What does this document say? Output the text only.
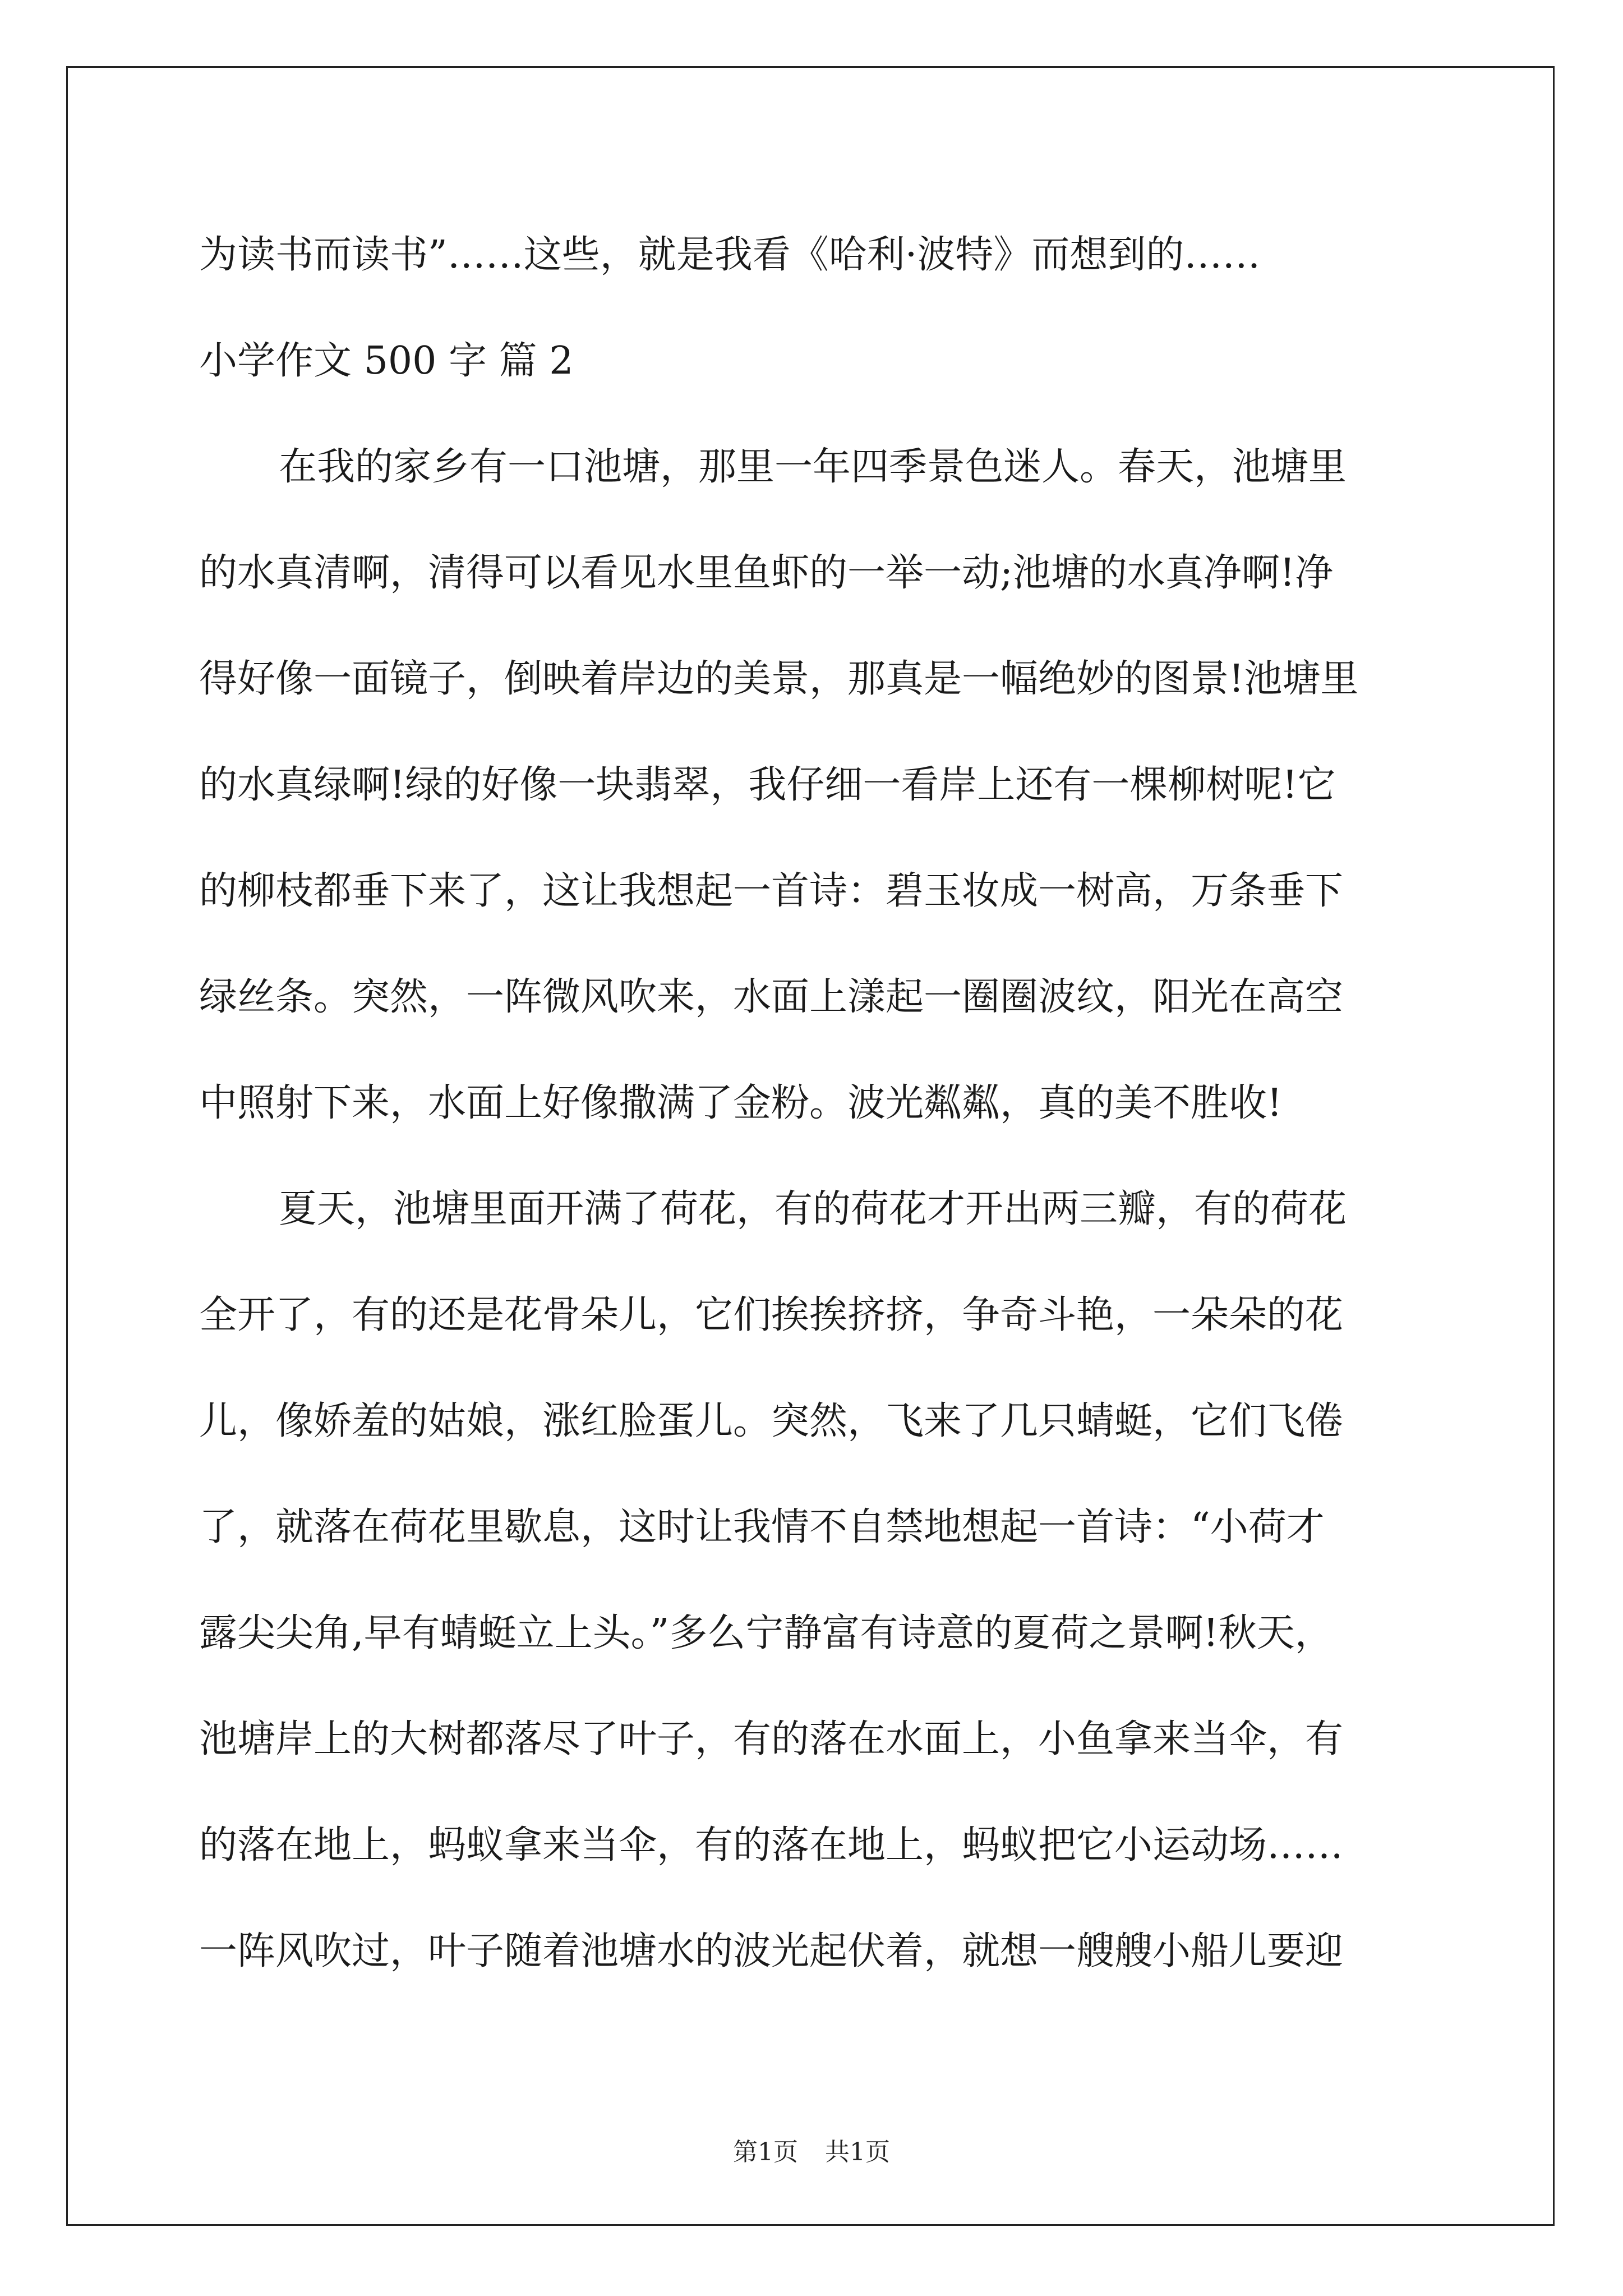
为读书而读书”……这些，就是我看《哈利·波特》而想到的……
小学作文 500 字 篇 2
在我的家乡有一口池塘，那里一年四季景色迷人。春天，池塘里
的水真清啊，清得可以看见水里鱼虾的一举一动;池塘的水真净啊!净
得好像一面镜子，倒映着岸边的美景，那真是一幅绝妙的图景!池塘里
的水真绿啊!绿的好像一块翡翠，我仔细一看岸上还有一棵柳树呢!它
的柳枝都垂下来了，这让我想起一首诗：碧玉妆成一树高，万条垂下
绿丝条。突然，一阵微风吹来，水面上漾起一圈圈波纹，阳光在高空
中照射下来，水面上好像撒满了金粉。波光粼粼，真的美不胜收!
夏天，池塘里面开满了荷花，有的荷花才开出两三瓣，有的荷花
全开了，有的还是花骨朵儿，它们挨挨挤挤，争奇斗艳，一朵朵的花
儿，像娇羞的姑娘，涨红脸蛋儿。突然，飞来了几只蜻蜓，它们飞倦
了，就落在荷花里歇息，这时让我情不自禁地想起一首诗：“小荷才
露尖尖角,早有蜻蜓立上头。”多么宁静富有诗意的夏荷之景啊!秋天，
池塘岸上的大树都落尽了叶子，有的落在水面上，小鱼拿来当伞，有
的落在地上，蚂蚁拿来当伞，有的落在地上，蚂蚁把它小运动场……
一阵风吹过，叶子随着池塘水的波光起伏着，就想一艘艘小船儿要迎
第1页 共1页
